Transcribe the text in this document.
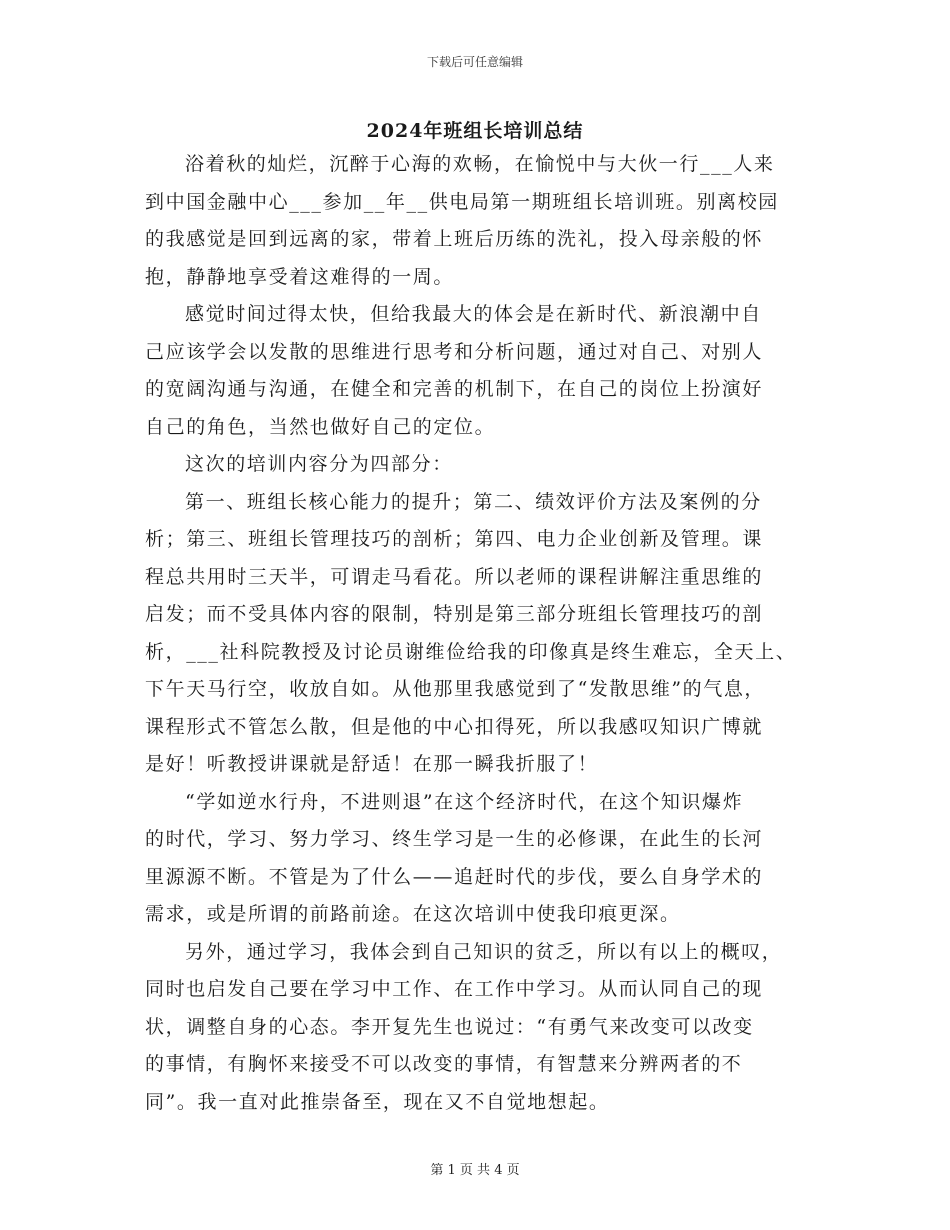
下载后可任意编辑
2024年班组长培训总结
浴着秋的灿烂，沉醉于心海的欢畅，在愉悦中与大伙一行___人来
到中国金融中心___参加__年__供电局第一期班组长培训班。别离校园
的我感觉是回到远离的家，带着上班后历练的洗礼，投入母亲般的怀
抱，静静地享受着这难得的一周。
感觉时间过得太快，但给我最大的体会是在新时代、新浪潮中自
己应该学会以发散的思维进行思考和分析问题，通过对自己、对别人
的宽阔沟通与沟通，在健全和完善的机制下，在自己的岗位上扮演好
自己的角色，当然也做好自己的定位。
这次的培训内容分为四部分：
第一、班组长核心能力的提升；第二、绩效评价方法及案例的分
析；第三、班组长管理技巧的剖析；第四、电力企业创新及管理。课
程总共用时三天半，可谓走马看花。所以老师的课程讲解注重思维的
启发；而不受具体内容的限制，特别是第三部分班组长管理技巧的剖
析，___社科院教授及讨论员谢维俭给我的印像真是终生难忘，全天上、
下午天马行空，收放自如。从他那里我感觉到了“发散思维”的气息，
课程形式不管怎么散，但是他的中心扣得死，所以我感叹知识广博就
是好！听教授讲课就是舒适！在那一瞬我折服了！
“学如逆水行舟，不进则退”在这个经济时代，在这个知识爆炸
的时代，学习、努力学习、终生学习是一生的必修课，在此生的长河
里源源不断。不管是为了什么——追赶时代的步伐，要么自身学术的
需求，或是所谓的前路前途。在这次培训中使我印痕更深。
另外，通过学习，我体会到自己知识的贫乏，所以有以上的概叹，
同时也启发自己要在学习中工作、在工作中学习。从而认同自己的现
状，调整自身的心态。李开复先生也说过：“有勇气来改变可以改变
的事情，有胸怀来接受不可以改变的事情，有智慧来分辨两者的不
同”。我一直对此推崇备至，现在又不自觉地想起。
第 1 页 共 4 页
